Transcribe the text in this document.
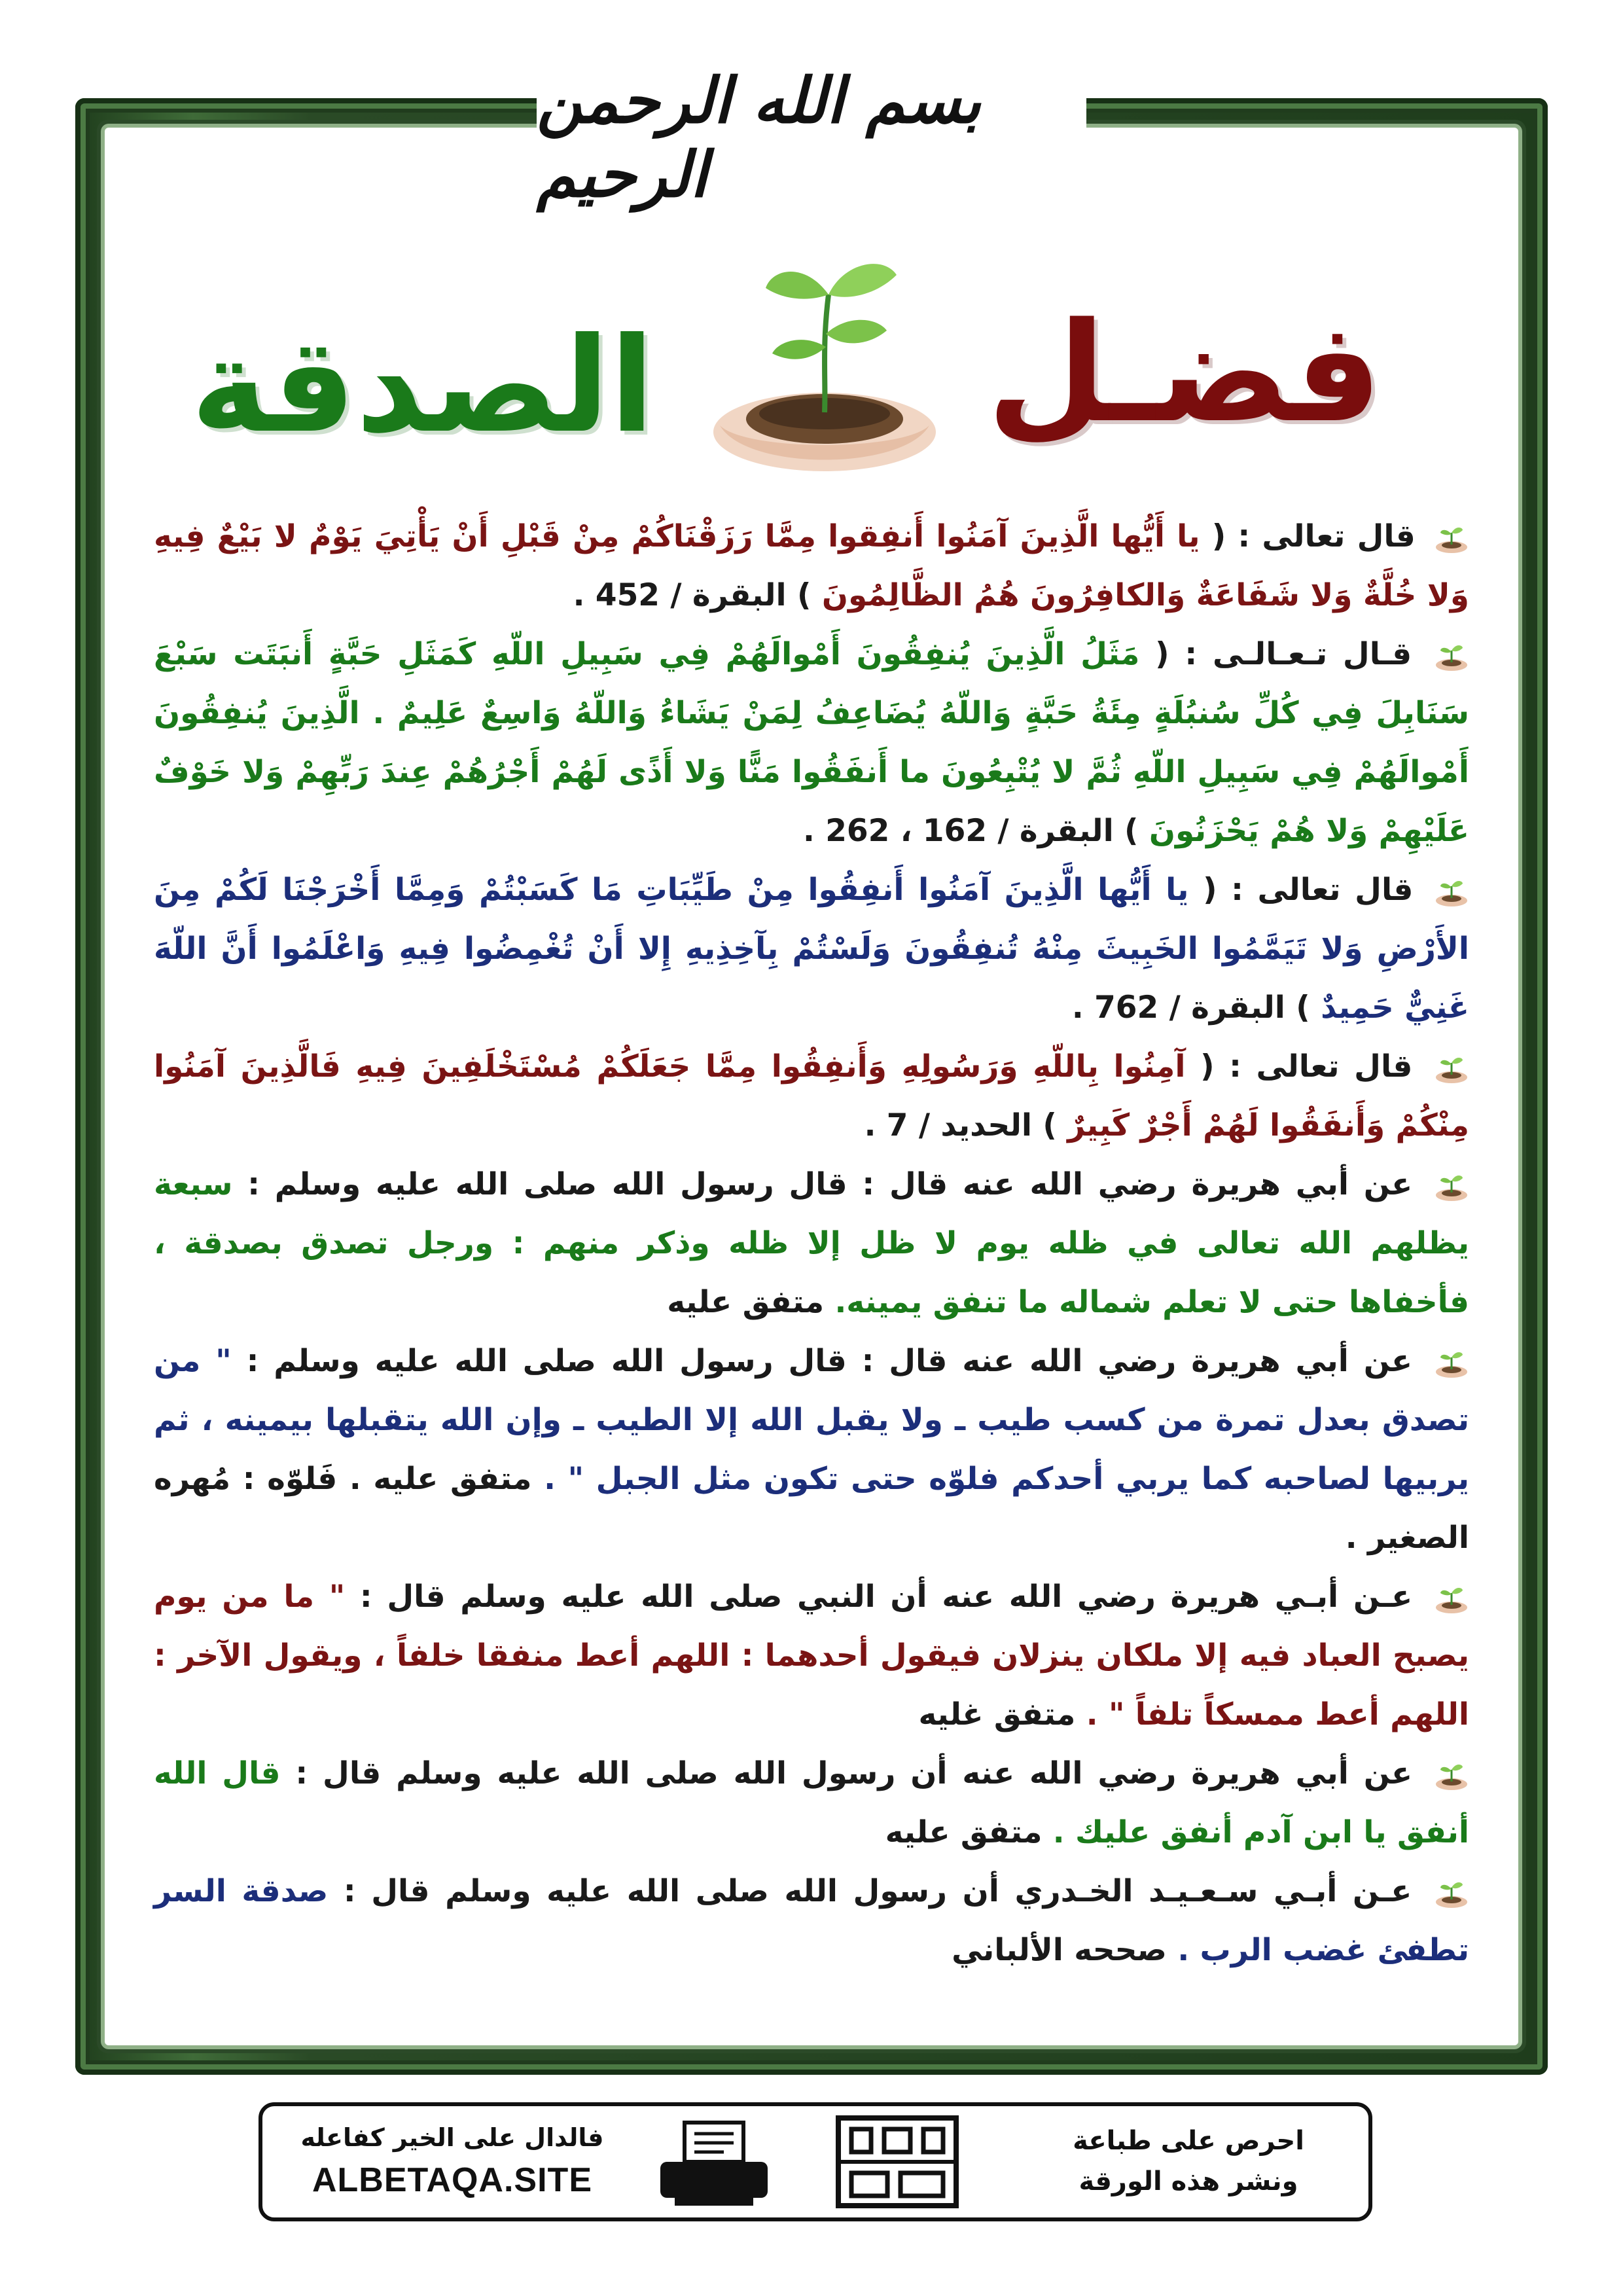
بسم الله الرحمن الرحيم
فضـل
الصدقة

قال تعالى : ( يا أَيُّها الَّذِينَ آمَنُوا أَنفِقوا مِمَّا رَزَقْنَاكُمْ مِنْ قَبْلِ أَنْ يَأْتِيَ يَوْمٌ لا بَيْعٌ فِيهِ وَلا خُلَّةٌ وَلا شَفَاعَةٌ وَالكافِرُونَ هُمُ الظَّالِمُونَ ) البقرة / 452 .

قـال تـعـالـى : ( مَثَلُ الَّذِينَ يُنفِقُونَ أَمْوالَهُمْ فِي سَبِيلِ اللّهِ كَمَثَلِ حَبَّةٍ أَنبَتَت سَبْعَ سَنَابِلَ فِي كُلِّ سُنبُلَةٍ مِئَةُ حَبَّةٍ وَاللّهُ يُضَاعِفُ لِمَنْ يَشَاءُ وَاللّهُ وَاسِعٌ عَلِيمٌ . الَّذِينَ يُنفِقُونَ أَمْوالَهُمْ فِي سَبِيلِ اللّهِ ثُمَّ لا يُتْبِعُونَ ما أَنفَقُوا مَنًّا وَلا أَذًى لَهُمْ أَجْرُهُمْ عِندَ رَبِّهِمْ وَلا خَوْفٌ عَلَيْهِمْ وَلا هُمْ يَحْزَنُونَ ) البقرة / 162 ، 262 .

قال تعالى : ( يا أَيُّها الَّذِينَ آمَنُوا أَنفِقُوا مِنْ طَيِّبَاتِ مَا كَسَبْتُمْ وَمِمَّا أَخْرَجْنَا لَكُمْ مِنَ الأَرْضِ وَلا تَيَمَّمُوا الخَبِيثَ مِنْهُ تُنفِقُونَ وَلَسْتُمْ بِآخِذِيهِ إِلا أَنْ تُغْمِضُوا فِيهِ وَاعْلَمُوا أَنَّ اللّهَ غَنِيٌّ حَمِيدٌ ) البقرة / 762 .

قال تعالى : ( آمِنُوا بِاللّهِ وَرَسُولِهِ وَأَنفِقُوا مِمَّا جَعَلَكُمْ مُسْتَخْلَفِينَ فِيهِ فَالَّذِينَ آمَنُوا مِنْكُمْ وَأَنفَقُوا لَهُمْ أَجْرٌ كَبِيرٌ ) الحديد / 7 .

عن أبي هريرة رضي الله عنه قال : قال رسول الله صلى الله عليه وسلم : سبعة يظلهم الله تعالى في ظله يوم لا ظل إلا ظله وذكر منهم : ورجل تصدق بصدقة ، فأخفاها حتى لا تعلم شماله ما تنفق يمينه. متفق عليه

عن أبي هريرة رضي الله عنه قال : قال رسول الله صلى الله عليه وسلم : " من تصدق بعدل تمرة من كسب طيب ـ ولا يقبل الله إلا الطيب ـ وإن الله يتقبلها بيمينه ، ثم يربيها لصاحبه كما يربي أحدكم فلوّه حتى تكون مثل الجبل " . متفق عليه . فَلوّه : مُهره الصغير .

عـن أبـي هريرة رضي الله عنه أن النبي صلى الله عليه وسلم قال : " ما من يوم يصبح العباد فيه إلا ملكان ينزلان فيقول أحدهما : اللهم أعط منفقا خلفاً ، ويقول الآخر : اللهم أعط ممسكاً تلفاً " . متفق غليه

عن أبي هريرة رضي الله عنه أن رسول الله صلى الله عليه وسلم قال : قال الله أنفق يا ابن آدم أنفق عليك . متفق عليه

عـن أبـي سـعـيـد الخـدري أن رسول الله صلى الله عليه وسلم قال : صدقة السر تطفئ غضب الرب . صححه الألباني

فالدال على الخير كفاعله
ALBETAQA.SITE
احرص على طباعة
ونشر هذه الورقة
